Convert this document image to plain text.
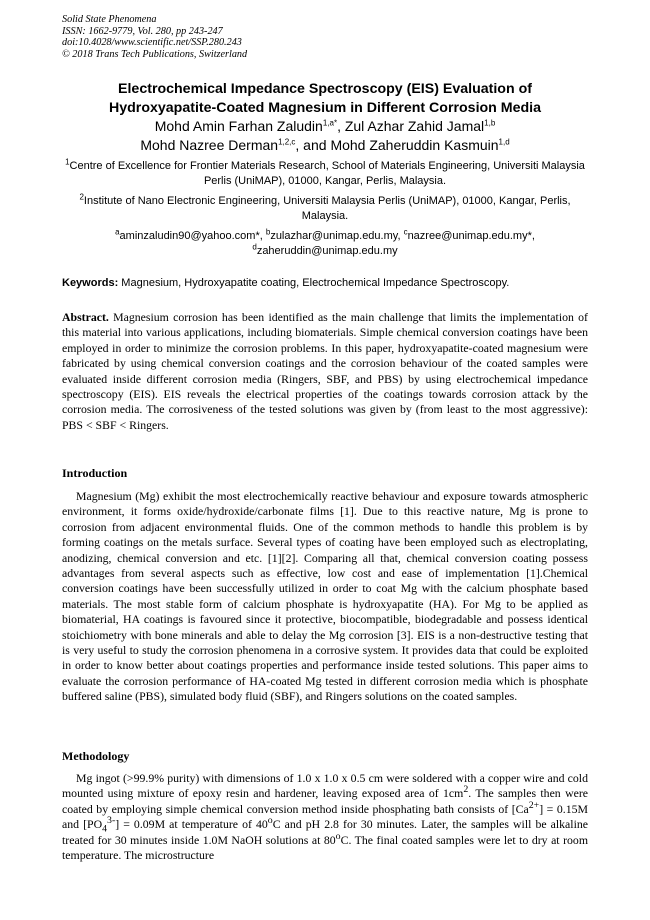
Solid State Phenomena
ISSN: 1662-9779, Vol. 280, pp 243-247
doi:10.4028/www.scientific.net/SSP.280.243
© 2018 Trans Tech Publications, Switzerland
Electrochemical Impedance Spectroscopy (EIS) Evaluation of
Hydroxyapatite-Coated Magnesium in Different Corrosion Media
Mohd Amin Farhan Zaludin$^{1,a*}$, Zul Azhar Zahid Jamal$^{1,b}$
Mohd Nazree Derman$^{1,2,c}$, and Mohd Zaheruddin Kasmuin$^{1,d}$
$^1$Centre of Excellence for Frontier Materials Research, School of Materials Engineering, Universiti Malaysia Perlis (UniMAP), 01000, Kangar, Perlis, Malaysia.
$^2$Institute of Nano Electronic Engineering, Universiti Malaysia Perlis (UniMAP), 01000, Kangar, Perlis, Malaysia.
$^a$aminzaludin90@yahoo.com*, $^b$zulazhar@unimap.edu.my, $^c$nazree@unimap.edu.my*,
$^d$zaheruddin@unimap.edu.my
Keywords: Magnesium, Hydroxyapatite coating, Electrochemical Impedance Spectroscopy.

Abstract. Magnesium corrosion has been identified as the main challenge that limits the implementation of this material into various applications, including biomaterials. Simple chemical conversion coatings have been employed in order to minimize the corrosion problems. In this paper, hydroxyapatite-coated magnesium were fabricated by using chemical conversion coatings and the corrosion behaviour of the coated samples were evaluated inside different corrosion media (Ringers, SBF, and PBS) by using electrochemical impedance spectroscopy (EIS). EIS reveals the electrical properties of the coatings towards corrosion attack by the corrosion media. The corrosiveness of the tested solutions was given by (from least to the most aggressive): PBS < SBF < Ringers.

Introduction

Magnesium (Mg) exhibit the most electrochemically reactive behaviour and exposure towards atmospheric environment, it forms oxide/hydroxide/carbonate films [1]. Due to this reactive nature, Mg is prone to corrosion from adjacent environmental fluids. One of the common methods to handle this problem is by forming coatings on the metals surface. Several types of coating have been employed such as electroplating, anodizing, chemical conversion and etc. [1][2]. Comparing all that, chemical conversion coating possess advantages from several aspects such as effective, low cost and ease of implementation [1].Chemical conversion coatings have been successfully utilized in order to coat Mg with the calcium phosphate based materials. The most stable form of calcium phosphate is hydroxyapatite (HA). For Mg to be applied as biomaterial, HA coatings is favoured since it protective, biocompatible, biodegradable and possess identical stoichiometry with bone minerals and able to delay the Mg corrosion [3]. EIS is a non-destructive testing that is very useful to study the corrosion phenomena in a corrosive system. It provides data that could be exploited in order to know better about coatings properties and performance inside tested solutions. This paper aims to evaluate the corrosion performance of HA-coated Mg tested in different corrosion media which is phosphate buffered saline (PBS), simulated body fluid (SBF), and Ringers solutions on the coated samples.

Methodology

Mg ingot (>99.9% purity) with dimensions of 1.0 x 1.0 x 0.5 cm were soldered with a copper wire and cold mounted using mixture of epoxy resin and hardener, leaving exposed area of $1cm^2$. The samples then were coated by employing simple chemical conversion method inside phosphating bath consists of $[Ca^{2+}] = 0.15M$ and $[PO_4^{3-}] = 0.09M$ at temperature of 40$^o$C and pH 2.8 for 30 minutes. Later, the samples will be alkaline treated for 30 minutes inside 1.0M NaOH solutions at 80$^o$C. The final coated samples were let to dry at room temperature. The microstructure
